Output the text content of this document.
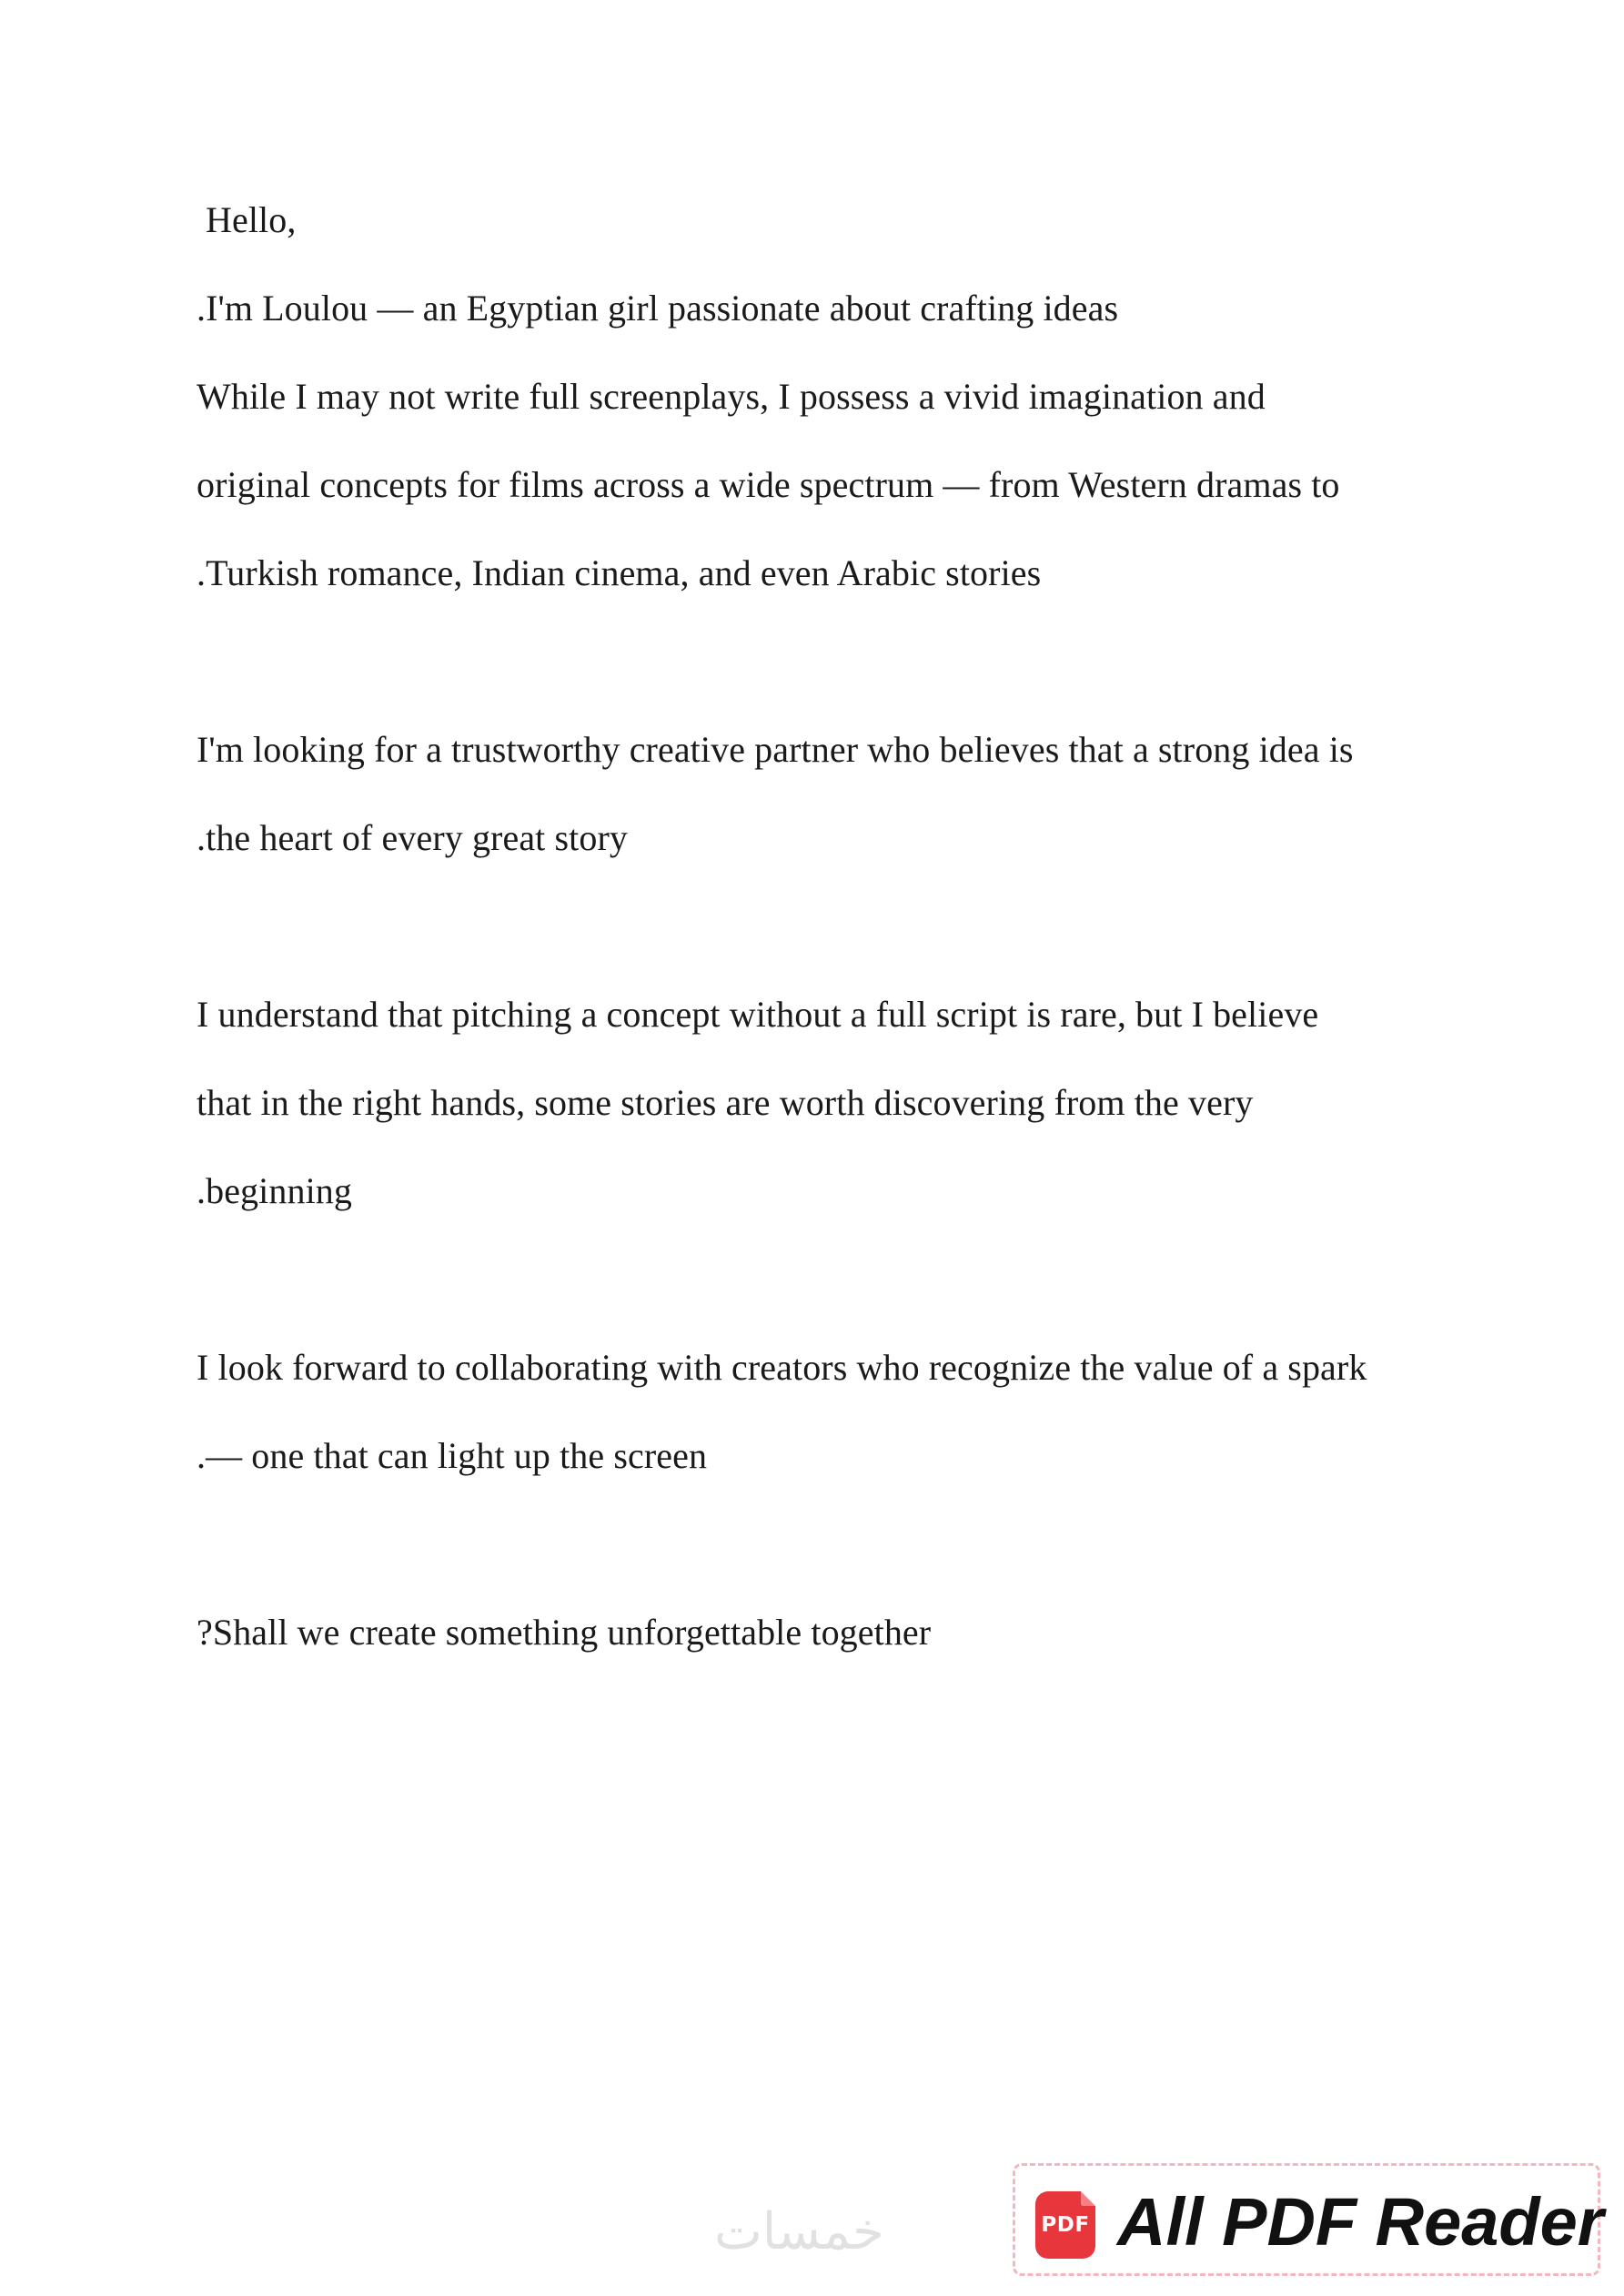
Hello,
.I'm Loulou — an Egyptian girl passionate about crafting ideas
While I may not write full screenplays, I possess a vivid imagination and
original concepts for films across a wide spectrum — from Western dramas to
.Turkish romance, Indian cinema, and even Arabic stories
I'm looking for a trustworthy creative partner who believes that a strong idea is
.the heart of every great story
I understand that pitching a concept without a full script is rare, but I believe
that in the right hands, some stories are worth discovering from the very
.beginning
I look forward to collaborating with creators who recognize the value of a spark
.— one that can light up the screen
?Shall we create something unforgettable together
خمسات	PDF All PDF Reader
